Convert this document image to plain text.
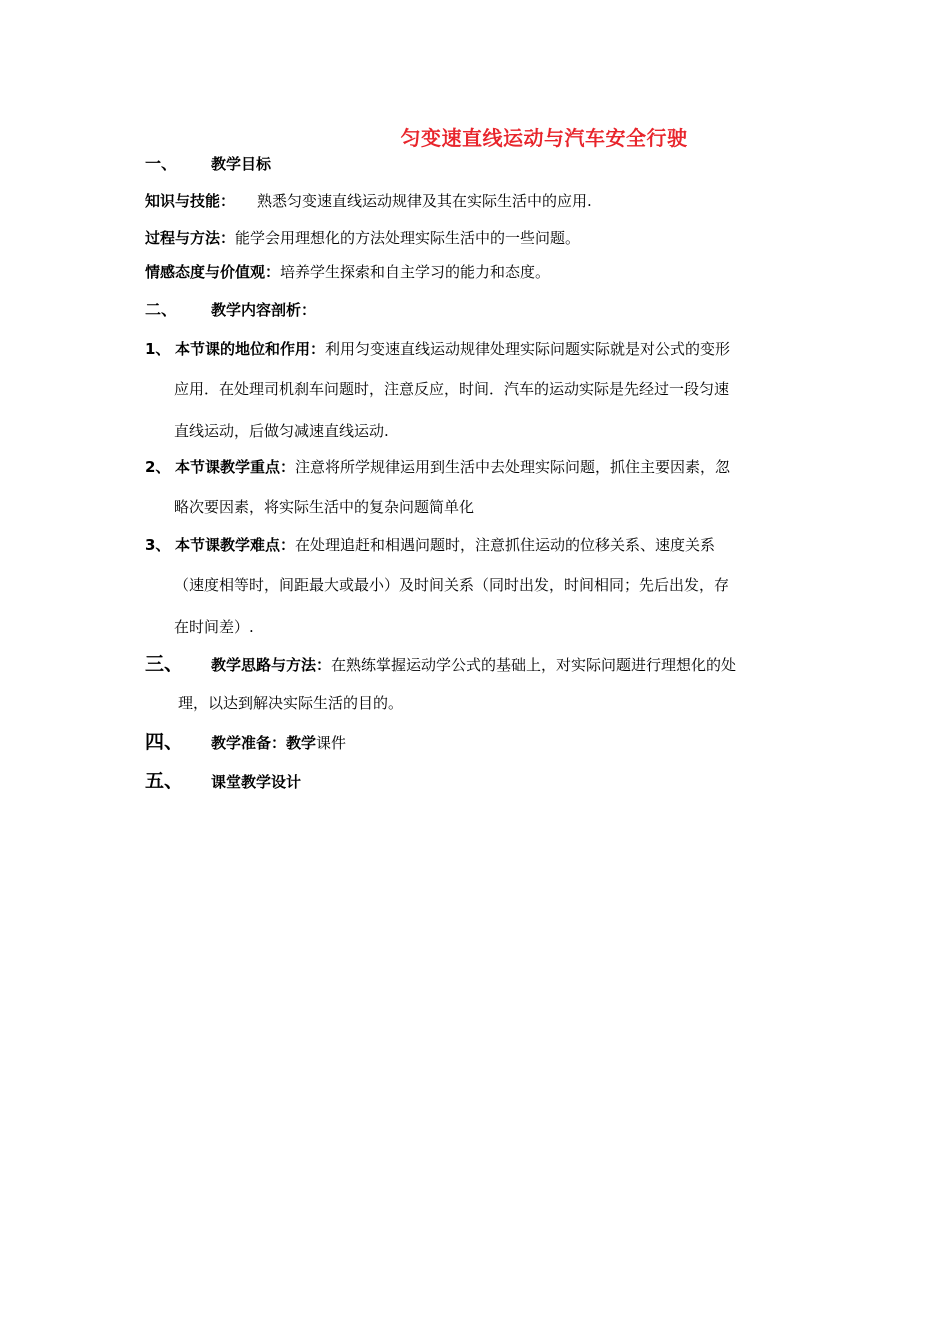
匀变速直线运动与汽车安全行驶
一、 教学目标
知识与技能： 熟悉匀变速直线运动规律及其在实际生活中的应用.
过程与方法：能学会用理想化的方法处理实际生活中的一些问题。
情感态度与价值观：培养学生探索和自主学习的能力和态度。
二、 教学内容剖析：
1、 本节课的地位和作用：利用匀变速直线运动规律处理实际问题实际就是对公式的变形
应用．在处理司机刹车问题时，注意反应，时间．汽车的运动实际是先经过一段匀速
直线运动，后做匀减速直线运动.
2、 本节课教学重点：注意将所学规律运用到生活中去处理实际问题，抓住主要因素，忽
略次要因素，将实际生活中的复杂问题简单化
3、 本节课教学难点：在处理追赶和相遇问题时，注意抓住运动的位移关系、速度关系
（速度相等时，间距最大或最小）及时间关系（同时出发，时间相同；先后出发，存
在时间差）.
三、 教学思路与方法：在熟练掌握运动学公式的基础上，对实际问题进行理想化的处
理，以达到解决实际生活的目的。
四、 教学准备：教学课件
五、 课堂教学设计
